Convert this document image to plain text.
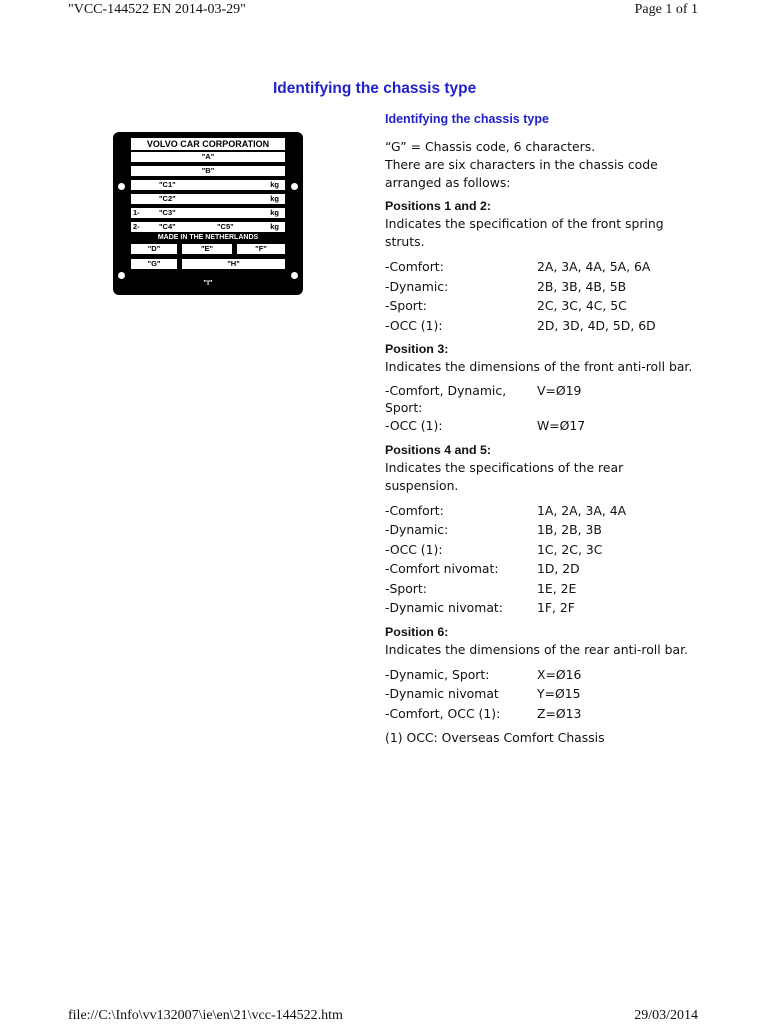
"VCC-144522 EN 2014-03-29"	Page 1 of 1
Identifying the chassis type
Identifying the chassis type
VOLVO CAR CORPORATION
"A"
"B"
"C1"	kg
"C2"	kg
1-	"C3"	kg
2-	"C4"	"C5"	kg
MADE IN THE NETHERLANDS
"D"	"E"	"F"
"G"	"H"
"I"

“G” = Chassis code, 6 characters.

There are six characters in the chassis code arranged as follows:

Positions 1 and 2:

Indicates the specification of the front spring struts.

-Comfort:	2A, 3A, 4A, 5A, 6A
-Dynamic:	2B, 3B, 4B, 5B
-Sport:	2C, 3C, 4C, 5C
-OCC (1):	2D, 3D, 4D, 5D, 6D
Position 3:

Indicates the dimensions of the front anti-roll bar.

-Comfort, Dynamic, Sport:
V=Ø19
-OCC (1):	W=Ø17
Positions 4 and 5:

Indicates the specifications of the rear suspension.

-Comfort:	1A, 2A, 3A, 4A
-Dynamic:	1B, 2B, 3B
-OCC (1):	1C, 2C, 3C
-Comfort nivomat:	1D, 2D
-Sport:	1E, 2E
-Dynamic nivomat:	1F, 2F
Position 6:

Indicates the dimensions of the rear anti-roll bar.

-Dynamic, Sport:	X=Ø16
-Dynamic nivomat	Y=Ø15
-Comfort, OCC (1):	Z=Ø13

(1) OCC: Overseas Comfort Chassis

file://C:\Info\vv132007\ie\en\21\vcc-144522.htm	29/03/2014
